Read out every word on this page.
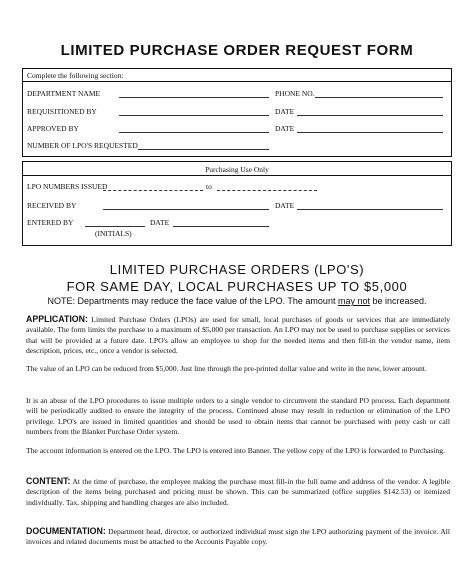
LIMITED PURCHASE ORDER REQUEST FORM
Complete the following section:
DEPARTMENT NAME	PHONE NO.
REQUISITIONED BY	DATE
APPROVED BY	DATE
NUMBER OF LPO'S REQUESTED
Purchasing Use Only
LPO NUMBERS ISSUED	to
RECEIVED BY	DATE
ENTERED BY	DATE
(INITIALS)
LIMITED PURCHASE ORDERS (LPO'S)
FOR SAME DAY, LOCAL PURCHASES UP TO $5,000
NOTE: Departments may reduce the face value of the LPO. The amount may not be increased.
APPLICATION: Limited Purchase Orders (LPOs) are used for small, local purchases of goods or services that are immediately available. The form limits the purchase to a maximum of $5,000 per transaction. An LPO may not be used to purchase supplies or services that will be provided at a future date. LPO's allow an employee to shop for the needed items and then fill-in the vendor name, item description, prices, etc., once a vendor is selected.
The value of an LPO can be reduced from $5,000. Just line through the pre-printed dollar value and write in the new, lower amount.
It is an abuse of the LPO procedures to issue multiple orders to a single vendor to circumvent the standard PO process. Each department will be periodically audited to ensure the integrity of the process. Continued abuse may result in reduction or elimination of the LPO privilege. LPO's are issued in limited quantities and should be used to obtain items that cannot be purchased with petty cash or call numbers from the Blanket Purchase Order system.
The account information is entered on the LPO. The LPO is entered into Banner. The yellow copy of the LPO is forwarded to Purchasing.
CONTENT: At the time of purchase, the employee making the purchase must fill-in the full name and address of the vendor. A legible description of the items being purchased and pricing must be shown. This can be summarized (office supplies $142.53) or itemized individually. Tax, shipping and handling charges are also included.
DOCUMENTATION: Department head, director, or authorized individual must sign the LPO authorizing payment of the invoice. All invoices and related documents must be attached to the Accounts Payable copy.
